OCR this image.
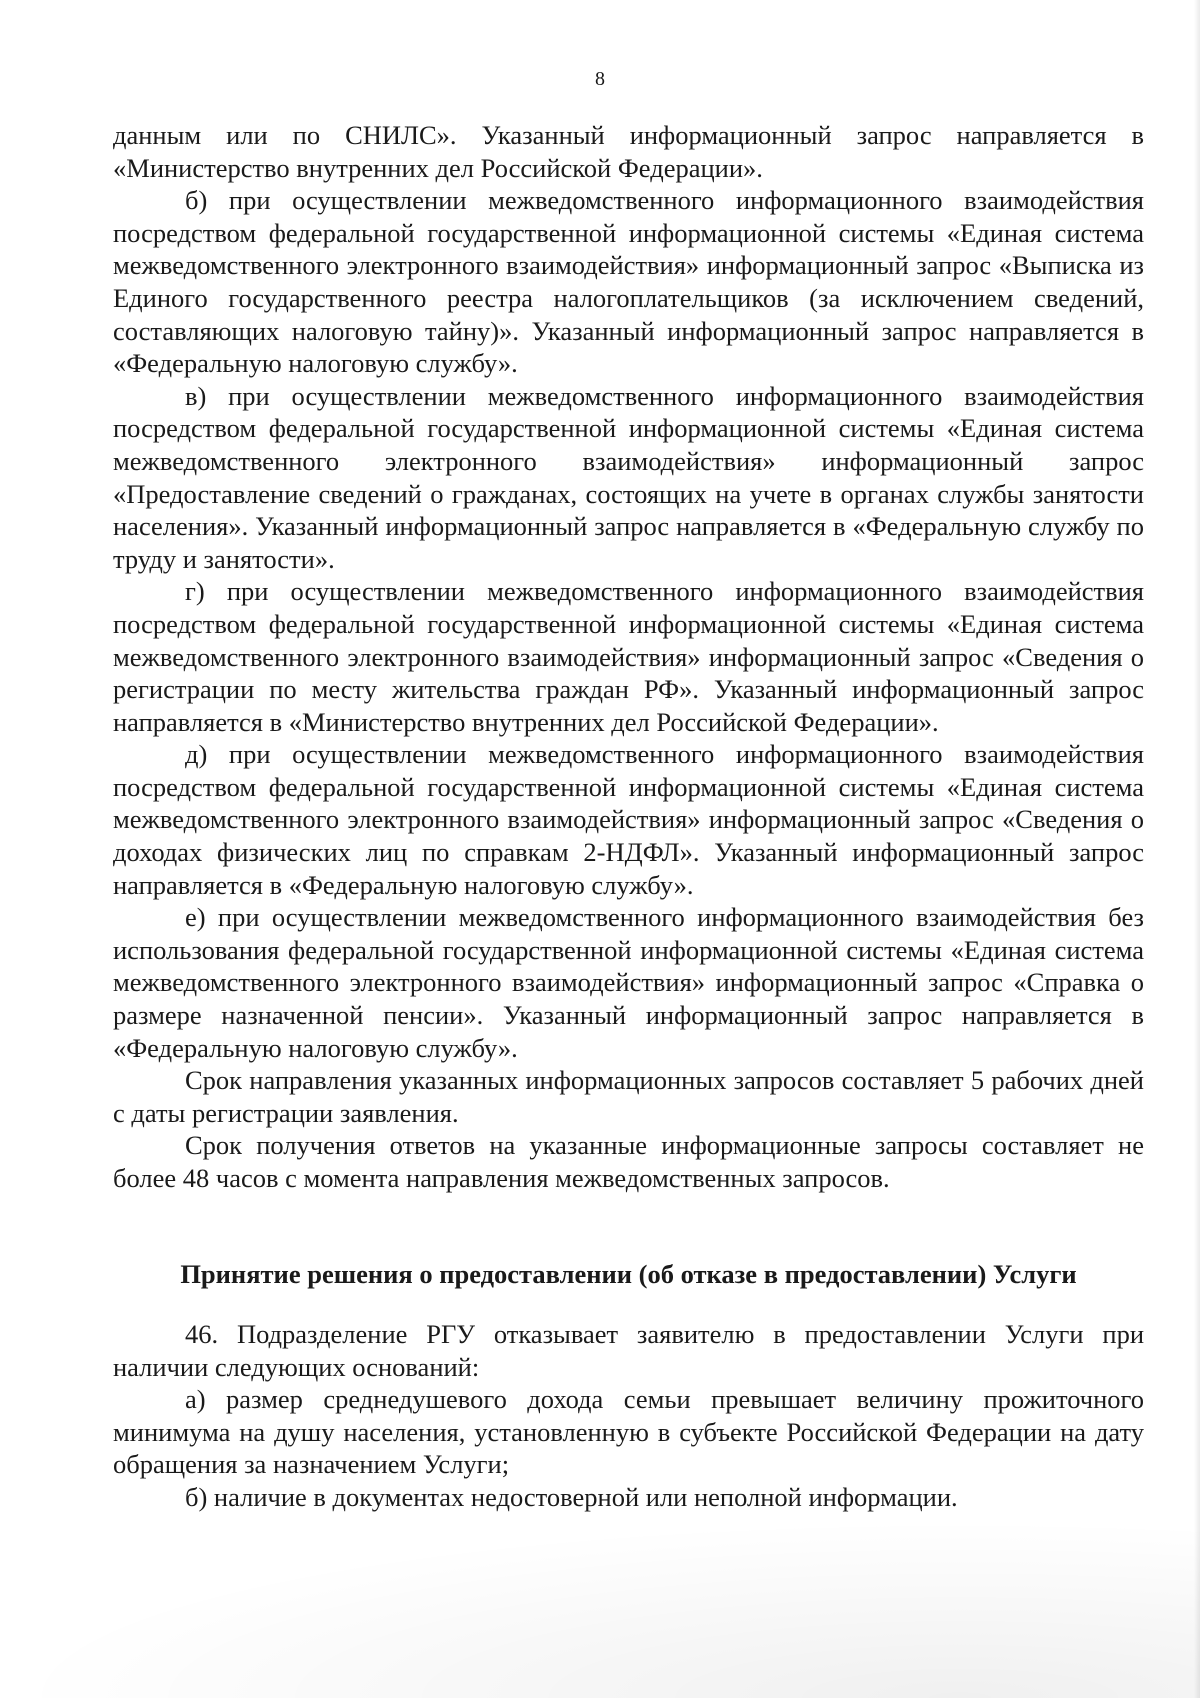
8

данным или по СНИЛС». Указанный информационный запрос направляется в «Министерство внутренних дел Российской Федерации».

б) при осуществлении межведомственного информационного взаимодействия посредством федеральной государственной информационной системы «Единая система межведомственного электронного взаимодействия» информационный запрос «Выписка из Единого государственного реестра налогоплательщиков (за исключением сведений, составляющих налоговую тайну)». Указанный информационный запрос направляется в «Федеральную налоговую службу».

в) при осуществлении межведомственного информационного взаимодействия посредством федеральной государственной информационной системы «Единая система межведомственного электронного взаимодействия» информационный запрос «Предоставление сведений о гражданах, состоящих на учете в органах службы занятости населения». Указанный информационный запрос направляется в «Федеральную службу по труду и занятости».

г) при осуществлении межведомственного информационного взаимодействия посредством федеральной государственной информационной системы «Единая система межведомственного электронного взаимодействия» информационный запрос «Сведения о регистрации по месту жительства граждан РФ». Указанный информационный запрос направляется в «Министерство внутренних дел Российской Федерации».

д) при осуществлении межведомственного информационного взаимодействия посредством федеральной государственной информационной системы «Единая система межведомственного электронного взаимодействия» информационный запрос «Сведения о доходах физических лиц по справкам 2-НДФЛ». Указанный информационный запрос направляется в «Федеральную налоговую службу».

е) при осуществлении межведомственного информационного взаимодействия без использования федеральной государственной информационной системы «Единая система межведомственного электронного взаимодействия» информационный запрос «Справка о размере назначенной пенсии». Указанный информационный запрос направляется в «Федеральную налоговую службу».

Срок направления указанных информационных запросов составляет 5 рабочих дней с даты регистрации заявления.

Срок получения ответов на указанные информационные запросы составляет не более 48 часов с момента направления межведомственных запросов.

Принятие решения о предоставлении (об отказе в предоставлении) Услуги

46. Подразделение РГУ отказывает заявителю в предоставлении Услуги при наличии следующих оснований:

а) размер среднедушевого дохода семьи превышает величину прожиточного минимума на душу населения, установленную в субъекте Российской Федерации на дату обращения за назначением Услуги;

б) наличие в документах недостоверной или неполной информации.
